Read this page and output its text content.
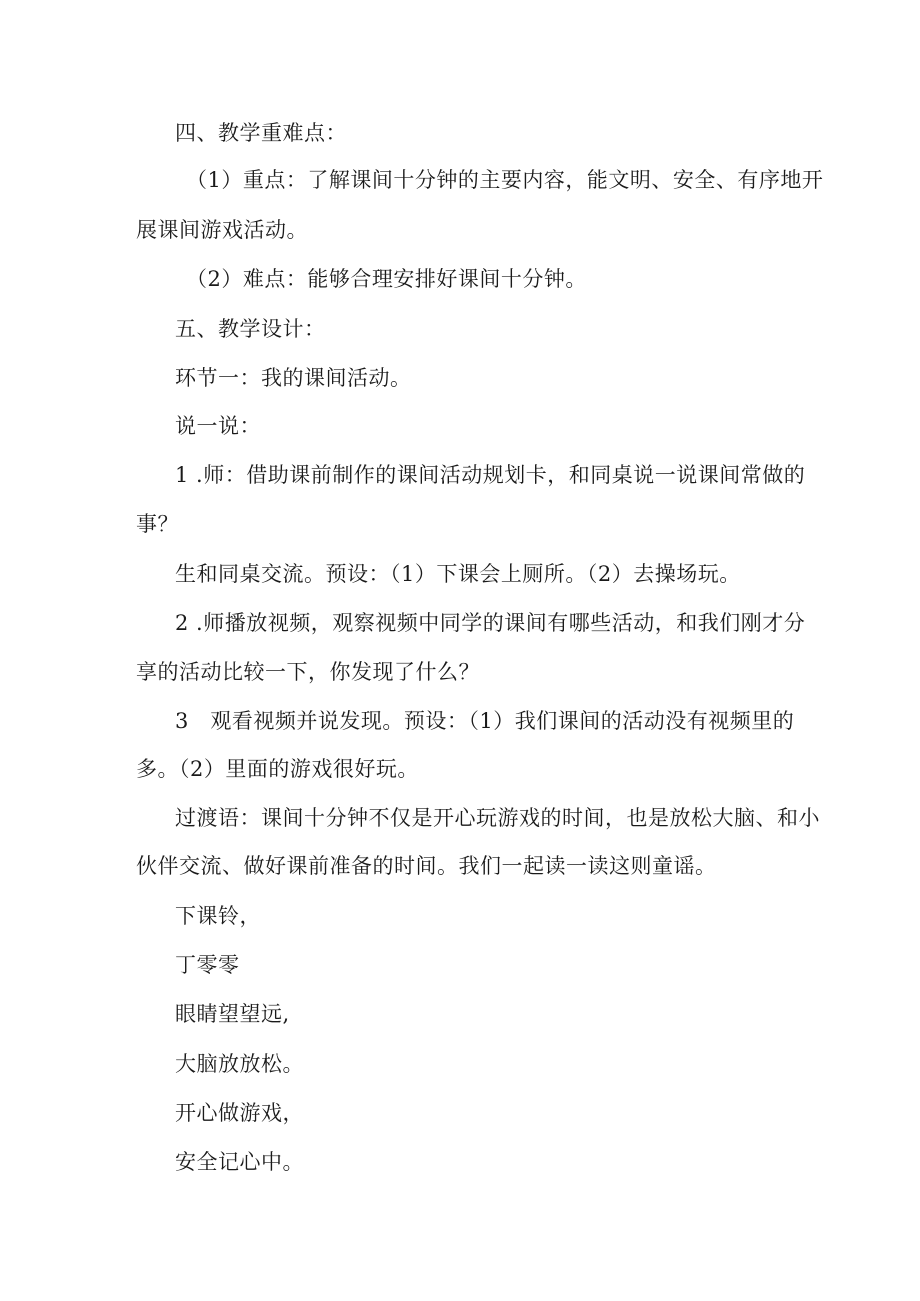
四、教学重难点：
（1）重点：了解课间十分钟的主要内容，能文明、安全、有序地开
展课间游戏活动。
（2）难点：能够合理安排好课间十分钟。
五、教学设计：
环节一：我的课间活动。
说一说：
1 .师：借助课前制作的课间活动规划卡，和同桌说一说课间常做的
事？
生和同桌交流。预设：（1）下课会上厕所。（2）去操场玩。
2 .师播放视频，观察视频中同学的课间有哪些活动，和我们刚才分
享的活动比较一下，你发现了什么？
3　观看视频并说发现。预设：（1）我们课间的活动没有视频里的
多。（2）里面的游戏很好玩。
过渡语：课间十分钟不仅是开心玩游戏的时间，也是放松大脑、和小
伙伴交流、做好课前准备的时间。我们一起读一读这则童谣。
下课铃，
丁零零
眼睛望望远,
大脑放放松。
开心做游戏，
安全记心中。
